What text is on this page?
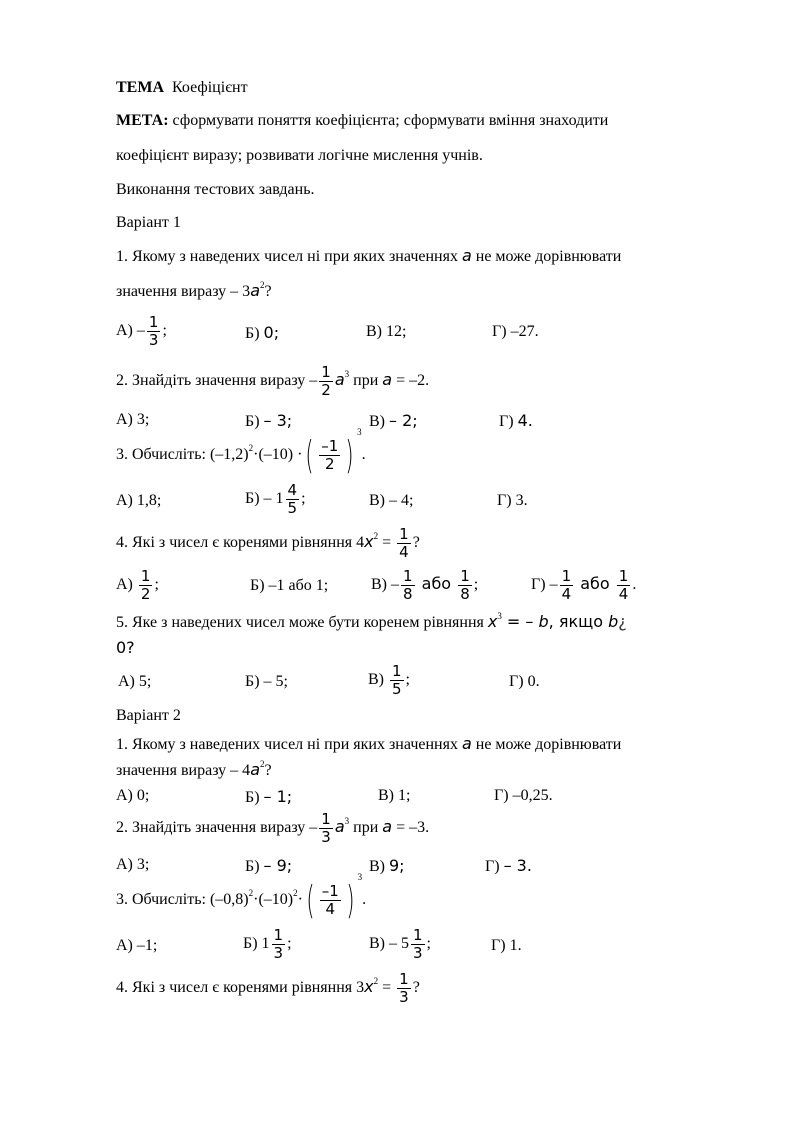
ТЕМА Коефіцієнт
МЕТА: сформувати поняття коефіцієнта; сформувати вміння знаходити
коефіцієнт виразу; розвивати логічне мислення учнів.
Виконання тестових завдань.
Варіант 1
1. Якому з наведених чисел ні при яких значеннях a не може дорівнювати
значення виразу – $3a^2$?
$А) - \frac{1}{3}$ ;	Б) 0;	В) 12;	Г) –27.
2. Знайдіть значення виразу – $\frac{1}{2} a^3$ при a = –2.
А) 3;	Б) – 3;	В) – 2;	Г) 4.
3. Обчисліть: $(-1,2)^2\cdot(-10)$ ·( $\frac{-1}{2} )^3$.
А) 1,8;	$Б) - 1 \frac{4}{5}$ ;	В) – 4;	Г) 3.
4. Які з чисел є коренями рівняння $4x^2 = \frac{1}{4}$ ?
$А) \frac{1}{2}$ ;	Б) –1 або 1;	$В) - \frac{1}{8}$ або $\frac{1}{8}$ ;	$Г) - \frac{1}{4}$ або $\frac{1}{4}$ .
5. Яке з наведених чисел може бути коренем рівняння $x^3$ = – b, якщо b¿
0?
А) 5;	Б) – 5;	$В) \frac{1}{5}$ ;	Г) 0.
Варіант 2
1. Якому з наведених чисел ні при яких значеннях a не може дорівнювати
значення виразу – $4a^2$?
А) 0;	Б) – 1;	В) 1;	Г) –0,25.
2. Знайдіть значення виразу – $\frac{1}{3} a^3$ при a = –3.
А) 3;	Б) – 9;	В) 9;	Г) – 3.
3. Обчисліть: $(-0,8)^2\cdot(-10)^2\cdot( \frac{-1}{4} )^3$.
А) –1;	Б) $1 \frac{1}{3}$ ;	$В) - 5 \frac{1}{3}$ ;	Г) 1.
4. Які з чисел є коренями рівняння $3x^2 = \frac{1}{3}$ ?
